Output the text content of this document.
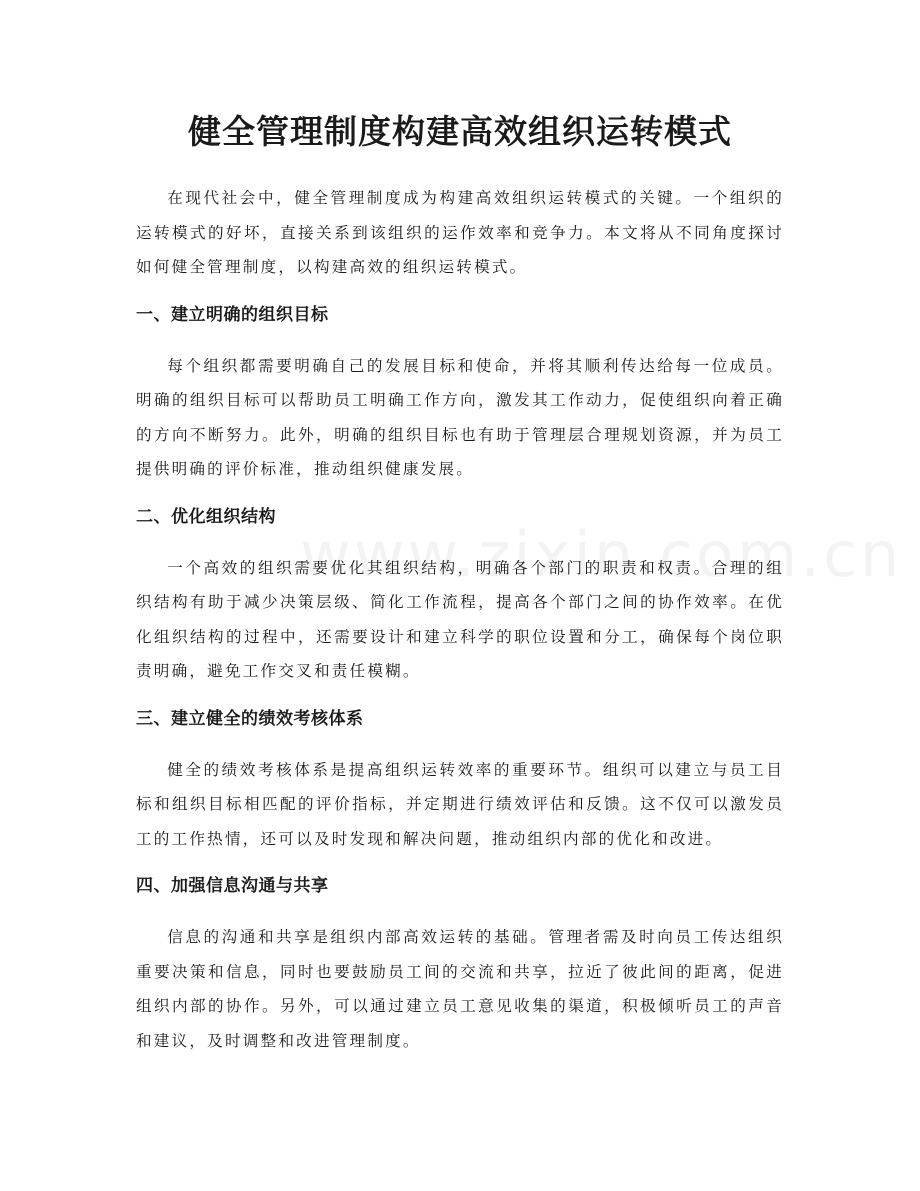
健全管理制度构建高效组织运转模式

在现代社会中，健全管理制度成为构建高效组织运转模式的关键。一个组织的运转模式的好坏，直接关系到该组织的运作效率和竞争力。本文将从不同角度探讨如何健全管理制度，以构建高效的组织运转模式。

一、建立明确的组织目标

每个组织都需要明确自己的发展目标和使命，并将其顺利传达给每一位成员。明确的组织目标可以帮助员工明确工作方向，激发其工作动力，促使组织向着正确的方向不断努力。此外，明确的组织目标也有助于管理层合理规划资源，并为员工提供明确的评价标准，推动组织健康发展。

二、优化组织结构

一个高效的组织需要优化其组织结构，明确各个部门的职责和权责。合理的组织结构有助于减少决策层级、简化工作流程，提高各个部门之间的协作效率。在优化组织结构的过程中，还需要设计和建立科学的职位设置和分工，确保每个岗位职责明确，避免工作交叉和责任模糊。

三、建立健全的绩效考核体系

健全的绩效考核体系是提高组织运转效率的重要环节。组织可以建立与员工目标和组织目标相匹配的评价指标，并定期进行绩效评估和反馈。这不仅可以激发员工的工作热情，还可以及时发现和解决问题，推动组织内部的优化和改进。

四、加强信息沟通与共享

信息的沟通和共享是组织内部高效运转的基础。管理者需及时向员工传达组织重要决策和信息，同时也要鼓励员工间的交流和共享，拉近了彼此间的距离，促进组织内部的协作。另外，可以通过建立员工意见收集的渠道，积极倾听员工的声音和建议，及时调整和改进管理制度。
